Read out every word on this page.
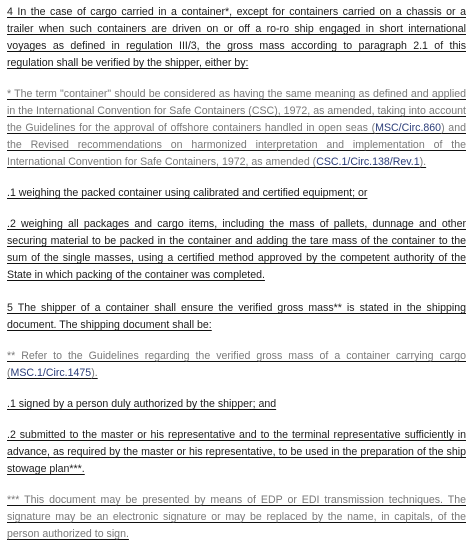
4 In the case of cargo carried in a container*, except for containers carried on a chassis or a trailer when such containers are driven on or off a ro-ro ship engaged in short international voyages as defined in regulation III/3, the gross mass according to paragraph 2.1 of this regulation shall be verified by the shipper, either by:

* The term "container" should be considered as having the same meaning as defined and applied in the International Convention for Safe Containers (CSC), 1972, as amended, taking into account the Guidelines for the approval of offshore containers handled in open seas (MSC/Circ.860) and the Revised recommendations on harmonized interpretation and implementation of the International Convention for Safe Containers, 1972, as amended (CSC.1/Circ.138/Rev.1).

.1 weighing the packed container using calibrated and certified equipment; or

.2 weighing all packages and cargo items, including the mass of pallets, dunnage and other securing material to be packed in the container and adding the tare mass of the container to the sum of the single masses, using a certified method approved by the competent authority of the State in which packing of the container was completed.

5 The shipper of a container shall ensure the verified gross mass** is stated in the shipping document. The shipping document shall be:

** Refer to the Guidelines regarding the verified gross mass of a container carrying cargo (MSC.1/Circ.1475).

.1 signed by a person duly authorized by the shipper; and

.2 submitted to the master or his representative and to the terminal representative sufficiently in advance, as required by the master or his representative, to be used in the preparation of the ship stowage plan***.

*** This document may be presented by means of EDP or EDI transmission techniques. The signature may be an electronic signature or may be replaced by the name, in capitals, of the person authorized to sign.
